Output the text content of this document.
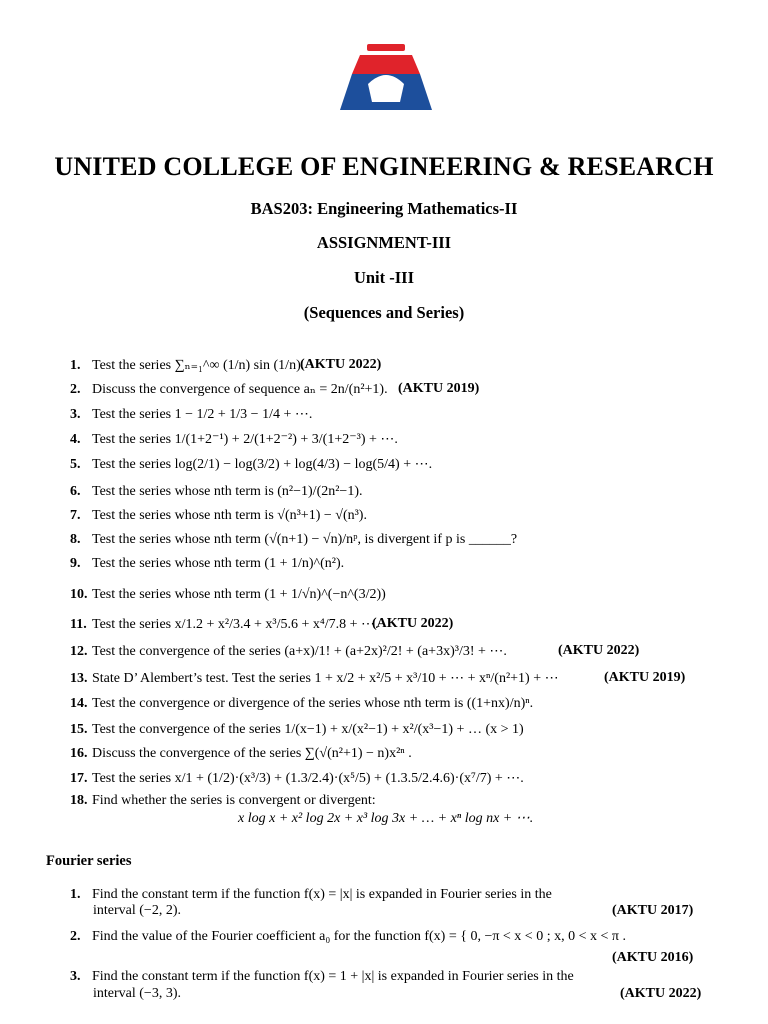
UNITED COLLEGE OF ENGINEERING & RESEARCH
BAS203: Engineering Mathematics-II
ASSIGNMENT-III
Unit -III
(Sequences and Series)
1. Test the series ∑ₙ₌₁^∞ (1/n) sin (1/n).
(AKTU 2022)
2. Discuss the convergence of sequence aₙ = 2n/(n²+1). (AKTU 2019)
3. Test the series 1 − 1/2 + 1/3 − 1/4 + ⋯.
4. Test the series 1/(1+2⁻¹) + 2/(1+2⁻²) + 3/(1+2⁻³) + ⋯.
5. Test the series log(2/1) − log(3/2) + log(4/3) − log(5/4) + ⋯.
6. Test the series whose nth term is (n²−1)/(2n²−1).
7. Test the series whose nth term is √(n³+1) − √(n³).
8. Test the series whose nth term (√(n+1) − √n)/nᵖ, is divergent if p is ______?
9. Test the series whose nth term (1 + 1/n)^(n²).
10. Test the series whose nth term (1 + 1/√n)^(−n^(3/2))
11. Test the series x/1.2 + x²/3.4 + x³/5.6 + x⁴/7.8 + ⋯.
(AKTU 2022)
12. Test the convergence of the series (a+x)/1! + (a+2x)²/2! + (a+3x)³/3! + ⋯.	(AKTU 2022)
13. State D’ Alembert’s test. Test the series 1 + x/2 + x²/5 + x³/10 + ⋯ + xⁿ/(n²+1) + ⋯	(AKTU 2019)
14. Test the convergence or divergence of the series whose nth term is ((1+nx)/n)ⁿ.
15. Test the convergence of the series 1/(x−1) + x/(x²−1) + x²/(x³−1) + … (x > 1)
16. Discuss the convergence of the series ∑(√(n²+1) − n)x²ⁿ .
17. Test the series x/1 + (1/2)·(x³/3) + (1.3/2.4)·(x⁵/5) + (1.3.5/2.4.6)·(x⁷/7) + ⋯.
18. Find whether the series is convergent or divergent:
x log x + x² log 2x + x³ log 3x + … + xⁿ log nx + ⋯.
Fourier series
1. Find the constant term if the function f(x) = |x| is expanded in Fourier series in the
interval (−2, 2).	(AKTU 2017)
2. Find the value of the Fourier coefficient a₀ for the function f(x) = { 0, −π < x < 0 ; x, 0 < x < π .
(AKTU 2016)
3. Find the constant term if the function f(x) = 1 + |x| is expanded in Fourier series in the
interval (−3, 3).	(AKTU 2022)
